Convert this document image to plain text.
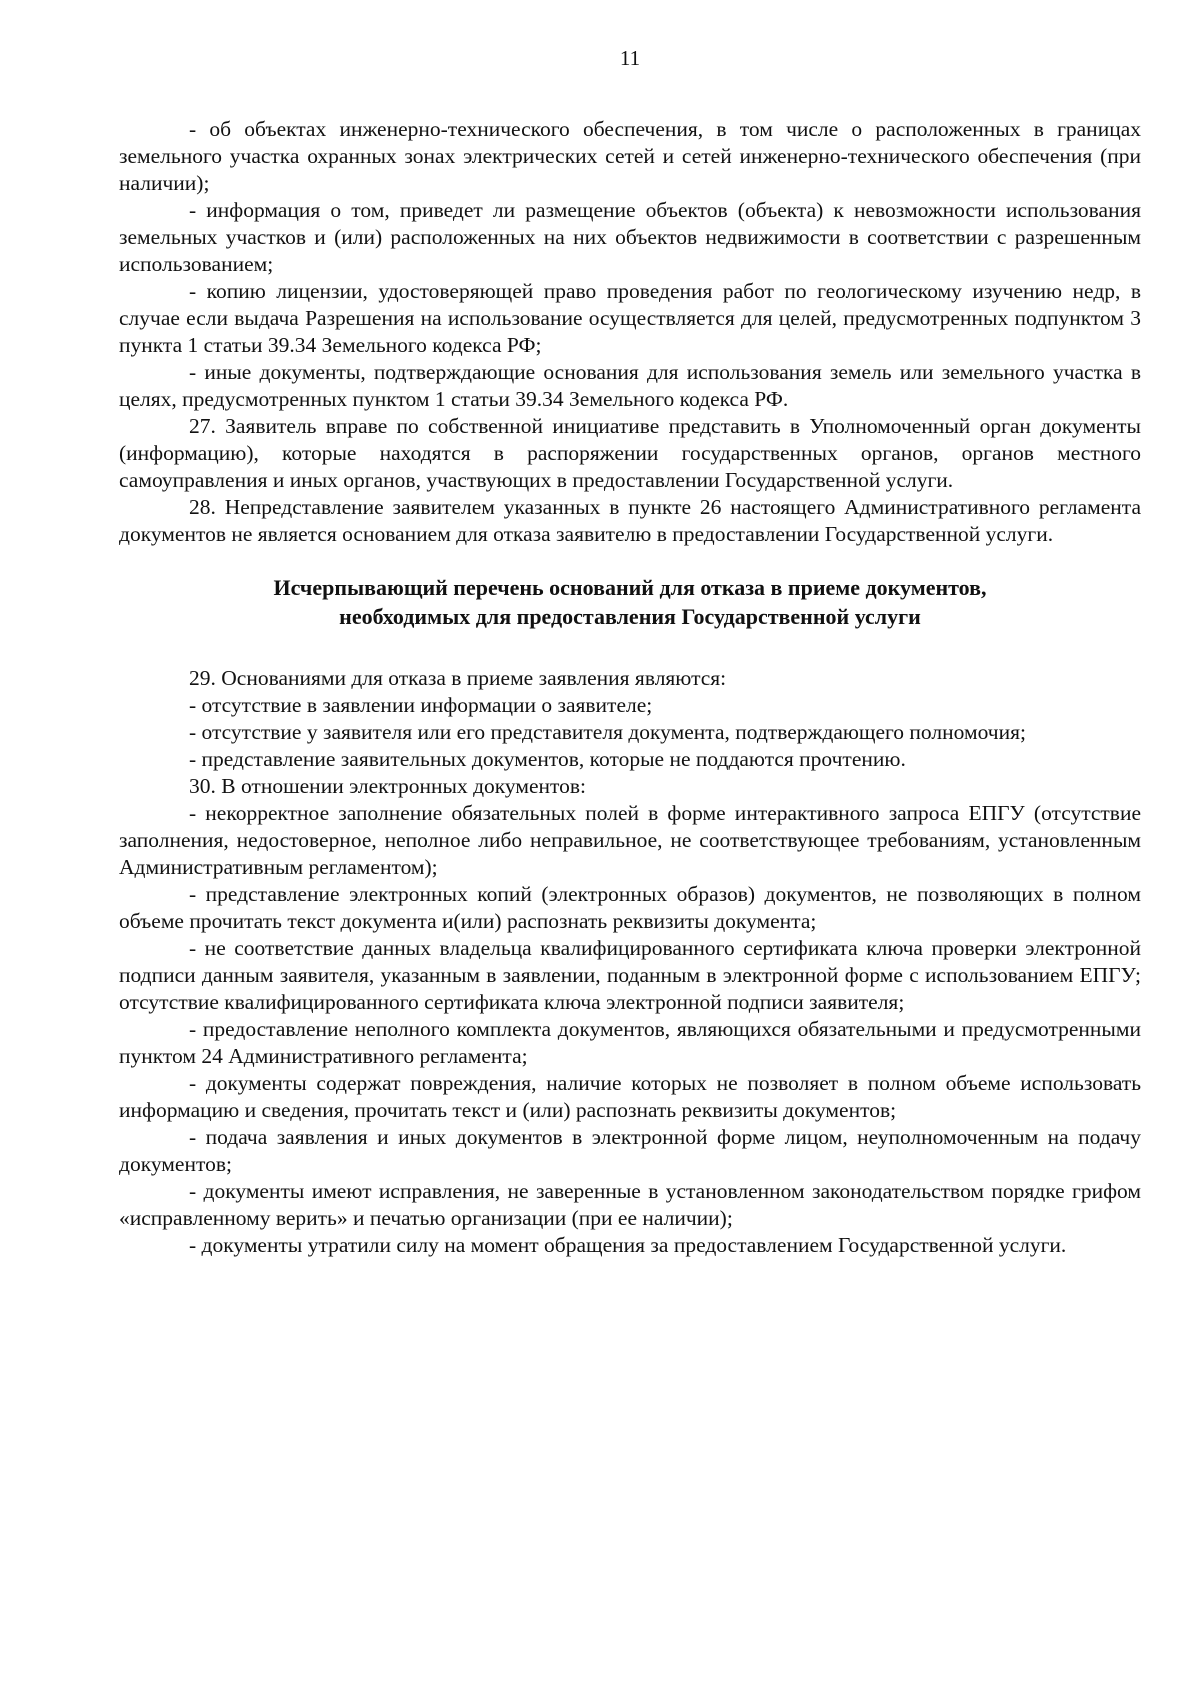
11

- об объектах инженерно-технического обеспечения, в том числе о расположенных в границах земельного участка охранных зонах электрических сетей и сетей инженерно-технического обеспечения (при наличии);

- информация о том, приведет ли размещение объектов (объекта) к невозможности использования земельных участков и (или) расположенных на них объектов недвижимости в соответствии с разрешенным использованием;

- копию лицензии, удостоверяющей право проведения работ по геологическому изучению недр, в случае если выдача Разрешения на использование осуществляется для целей, предусмотренных подпунктом 3 пункта 1 статьи 39.34 Земельного кодекса РФ;

- иные документы, подтверждающие основания для использования земель или земельного участка в целях, предусмотренных пунктом 1 статьи 39.34 Земельного кодекса РФ.

27. Заявитель вправе по собственной инициативе представить в Уполномоченный орган документы (информацию), которые находятся в распоряжении государственных органов, органов местного самоуправления и иных органов, участвующих в предоставлении Государственной услуги.

28. Непредставление заявителем указанных в пункте 26 настоящего Административного регламента документов не является основанием для отказа заявителю в предоставлении Государственной услуги.

Исчерпывающий перечень оснований для отказа в приеме документов,
необходимых для предоставления Государственной услуги

29. Основаниями для отказа в приеме заявления являются:

- отсутствие в заявлении информации о заявителе;

- отсутствие у заявителя или его представителя документа, подтверждающего полномочия;

- представление заявительных документов, которые не поддаются прочтению.

30. В отношении электронных документов:

- некорректное заполнение обязательных полей в форме интерактивного запроса ЕПГУ (отсутствие заполнения, недостоверное, неполное либо неправильное, не соответствующее требованиям, установленным Административным регламентом);

- представление электронных копий (электронных образов) документов, не позволяющих в полном объеме прочитать текст документа и(или) распознать реквизиты документа;

- не соответствие данных владельца квалифицированного сертификата ключа проверки электронной подписи данным заявителя, указанным в заявлении, поданным в электронной форме с использованием ЕПГУ; отсутствие квалифицированного сертификата ключа электронной подписи заявителя;

- предоставление неполного комплекта документов, являющихся обязательными и предусмотренными пунктом 24 Административного регламента;

- документы содержат повреждения, наличие которых не позволяет в полном объеме использовать информацию и сведения, прочитать текст и (или) распознать реквизиты документов;

- подача заявления и иных документов в электронной форме лицом, неуполномоченным на подачу документов;

- документы имеют исправления, не заверенные в установленном законодательством порядке грифом «исправленному верить» и печатью организации (при ее наличии);

- документы утратили силу на момент обращения за предоставлением Государственной услуги.
